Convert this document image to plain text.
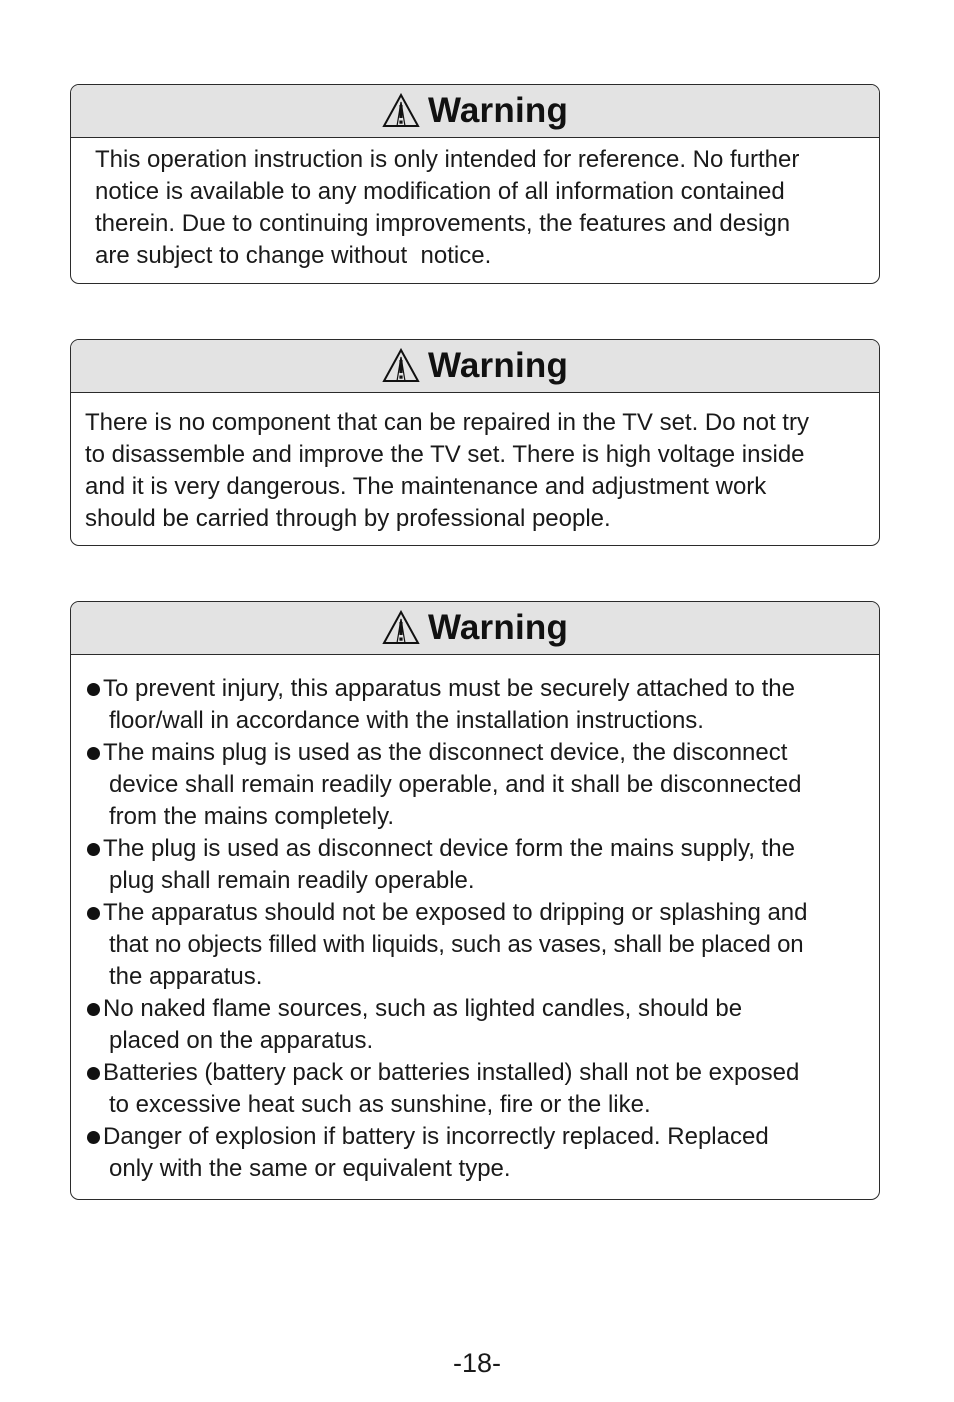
Warning
This operation instruction is only intended for reference. No further
notice is available to any modification of all information contained
therein. Due to continuing improvements, the features and design
are subject to change without  notice.
Warning
There is no component that can be repaired in the TV set. Do not try
to disassemble and improve the TV set. There is high voltage inside
and it is very dangerous. The maintenance and adjustment work
should be carried through by professional people.
Warning
To prevent injury, this apparatus must be securely attached to the
floor/wall in accordance with the installation instructions.
The mains plug is used as the disconnect device, the disconnect
device shall remain readily operable, and it shall be disconnected
from the mains completely.
The plug is used as disconnect device form the mains supply, the
plug shall remain readily operable.
The apparatus should not be exposed to dripping or splashing and
that no objects filled with liquids, such as vases, shall be placed on
the apparatus.
No naked flame sources, such as lighted candles, should be
placed on the apparatus.
Batteries (battery pack or batteries installed) shall not be exposed
to excessive heat such as sunshine, fire or the like.
Danger of explosion if battery is incorrectly replaced. Replaced
only with the same or equivalent type.
-18-
